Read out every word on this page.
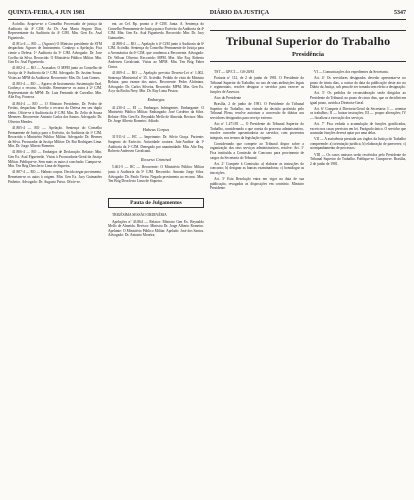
QUINTA-FEIRA, 4 JUN 1981	DIÁRIO DA JUSTIÇA	5347

Acórdão. Arquive-se o Conselho Processado de justiça da Auditoria da 4ª CJM. Ao Dr. Ana Maria Seguro Dias, Representante da Auditoria da 4ª CJM. Min. Gen Ex. Asal Figueiredo.

41.8Co-4 — RO — (Agravo) O Ministro presidente do STM despachou: Agravo de Instrumento. Conheço a Apelação. Fica ciente a Defesa. 1ª Auditoria da 3ª CJM. Advogado: Dr. Jose Coelho da Silva. Recorrido: O Ministério Público Militar. Min. Gen Ex. Asal Figueiredo.

41.802-4 — RO — Acusados: O MPM junto ao Conselho de Justiça da 1ª Auditoria da 1ª CJM. Advogado: Dr. Justino Souza. Vistas ao MPM da Auditoria. Recorrente: Min. Dr. Luiz Gomes.

41.803-4 — RO — Agravo de Instrumento. Sustentação Oral. Conheço o recurso. Acórdão. Remetam-se os autos à 2ª CJM. Representante do MPM: Dr. Luiz Fernando de Carvalho. Min. Alte Esq. Fonseca.

41.804-4 — RO — O Ministro Presidente, Dr. Pedro de Freitas, despachou: Recebo o recurso da Defesa em seu duplo efeito. Oficie-se à Auditoria da 4ª CJM. Min. Dr. Zelio de Souza Menezes. Recorrente: Antonio Carlos dos Santos. Advogado: Dr. Oliveira Mendes.

41.805-4 — RO — Apelação. Sentença do Conselho Permanente de Justiça para o Exército, da Auditoria da 1ª CJM. Recorrido o Ministério Público Militar. Advogado: Dr. Hermes da Silva. Procurador da Justiça Militar: Dr. Rui Rodrigues Lima. Min. Dr. Jorge Alberto Romeiro.

41.806-4 — RO — Embargos de Declaração. Relator: Min. Gen Ex. Asal Figueiredo. Vistas à Procuradoria-Geral da Justiça Militar. Publique-se. Sem mais os autos à conclusão. Cumpra-se. Min. Ten Brig Deoclecio Lima de Siqueira.

41.807-4 — RO — Habeas corpus. Decido negar provimento. Remetam-se os autos à origem. Min. Gen Ex. Jacy Guimarães Pinheiro. Advogado: Dr. Augusto Paiva. Oficie-se.

ent. ao Cel. Rp. pronto a 4ª CJM. Junta. A. Sentença do Conselho Permanente de Justiça para o Exército da Auditoria da 4ª CJM. Min. Gen Ex. Asal Figueiredo. Recorrido: Min. Dr. Jacy Guimarães.

41.808-4 — RO — Apelação à 4ª CJM junto à Auditoria da 6ª CJM. Acórdão. Sentença do Conselho Permanente de Justiça para a Aeronáutica da 6ª CJM, que condenou a Recorrente. Advogado: Dr. Wilson Oliveira. Recorrido: MPM. Min. Alte Esq. Roberto Andersen Cavalcanti. Vistas ao MPM. Min. Ten Brig Faber Cintra.

41.809-4 — RO — Apelação prevista Decreto-Lei nº 1.002. Sentença Ministerial nº 35. Acórdão. Pedido de vista do Ministro Relator, para exame dos autos. Recorrente: Pedro Alcântara. Advogado: Dr. Carlos Silveira. Recorrido: MPM. Min. Gen Ex. Acyr da Rocha Nery. Min. Dr. Ruy Lima Pessoa.

Embargos

41.230-4 — EI — Embargos Infringentes. Embargante: O Ministério Público Militar. Embargado: José Cordeiro da Silva. Relator: Min. Gen Ex. Reynaldo Mello de Almeida. Revisor: Min. Dr. Jorge Alberto Romeiro. Adiado.

Habeas Corpus

31.911-4 — HC — Impetrante: Dr. Silvio Graça. Paciente: Sargento do Exército. Autoridade coatora: Juiz-Auditor da 1ª Auditoria da 1ª CJM. Denegado por unanimidade. Min. Alte Esq. Roberto Andersen Cavalcanti.

Recurso Criminal

5.461-5 — RC — Recorrente: O Ministério Público Militar junto à Auditoria da 5ª CJM. Recorrido: Antonio Jorge Silva. Advogado: Dr. Paulo Vieira. Negado provimento ao recurso. Min. Ten Brig Deoclecio Lima de Siqueira.

Pauta de Julgamentos

TRIGÉSIMA SESSÃO ORDINÁRIA

Apelações nº 43.864 — Relator: Ministro Gen Ex. Reynaldo Mello de Almeida. Revisor: Ministro Dr. Jorge Alberto Romeiro. Apelante: O Ministério Público Militar. Apelado: José dos Santos. Advogado: Dr. Antonio Moreira.

Tribunal Superior do Trabalho
Presidência

TST — GP/CI — GS-20/81

Portaria nº 112, de 2 de junho de 1981. O Presidente do Tribunal Superior do Trabalho, no uso de suas atribuições legais e regimentais, resolve designar o servidor para exercer as funções de Assessor.

Atos do Presidente

Brasília, 2 de junho de 1981. O Presidente do Tribunal Superior do Trabalho, em virtude da decisão proferida pelo Tribunal Pleno, resolve autorizar a concessão de diárias aos servidores designados para serviço externo.

Ato nº 1.471/81 — O Presidente do Tribunal Superior do Trabalho, considerando o que consta do processo administrativo, resolve conceder aposentadoria ao servidor, com proventos integrais, nos termos da legislação vigente.

Considerando que compete ao Tribunal dispor sobre a organização dos seus serviços administrativos, resolve: Art. 1º Fica instituída a Comissão de Concurso para provimento de cargos da Secretaria do Tribunal.

Art. 2º Compete à Comissão: a) elaborar as instruções do concurso; b) designar as bancas examinadoras; c) homologar as inscrições.

Art. 3º Esta Resolução entra em vigor na data de sua publicação, revogadas as disposições em contrário. Ministro Presidente.

VI — Comunicações dos expedientes da Secretaria.

Art. 4º Os servidores designados deverão apresentar-se no prazo de trinta dias, a contar da data da publicação deste ato no Diário da Justiça, sob pena de ser tornada sem efeito a designação.

Art. 5º Os pedidos de reconsideração serão dirigidos ao Presidente do Tribunal, no prazo de cinco dias, que os decidirá em igual prazo, ouvida a Diretoria-Geral.

Art. 6º Compete à Diretoria-Geral da Secretaria: I — orientar os trabalhos; II — baixar instruções; III — propor alterações; IV — fiscalizar a execução dos serviços.

Art. 7º Fica vedada a acumulação de funções gratificadas, exceto nos casos previstos em lei. Parágrafo único. O servidor que acumular funções deverá optar por uma delas.

VII — A assistência prestada aos órgãos da Justiça do Trabalho compreende: a) orientação jurídica; b) elaboração de pareceres; c) acompanhamento de processos.

VIII — Os casos omissos serão resolvidos pelo Presidente do Tribunal Superior do Trabalho. Publique-se. Cumpra-se. Brasília, 2 de junho de 1981.
